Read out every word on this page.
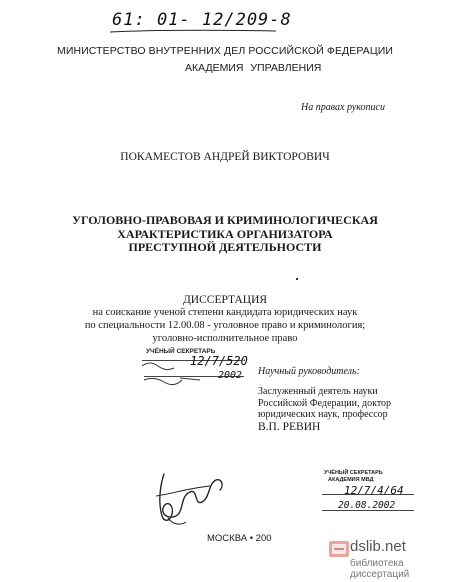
61: 01- 12/209-8
МИНИСТЕРСТВО ВНУТРЕННИХ ДЕЛ РОССИЙСКОЙ ФЕДЕРАЦИИ
АКАДЕМИЯ УПРАВЛЕНИЯ
На правах рукописи
ПОКАМЕСТОВ АНДРЕЙ ВИКТОРОВИЧ
УГОЛОВНО-ПРАВОВАЯ И КРИМИНОЛОГИЧЕСКАЯ
ХАРАКТЕРИСТИКА ОРГАНИЗАТОРА
ПРЕСТУПНОЙ ДЕЯТЕЛЬНОСТИ
ДИССЕРТАЦИЯ
на соискание ученой степени кандидата юридических наук
по специальности 12.00.08 - уголовное право и криминология;
уголовно-исполнительное право
УЧЁНЫЙ СЕКРЕТАРЬ
12/7/520
2002 Научный руководитель:
Заслуженный деятель науки
Российской Федерации, доктор
юридических наук, профессор
В.П. РЕВИН
УЧЁНЫЙ СЕКРЕТАРЬ
АКАДЕМИЯ МВД
12/7/4/64
20.08.2002
МОСКВА • 200	dslib.net
библиотека диссертаций
